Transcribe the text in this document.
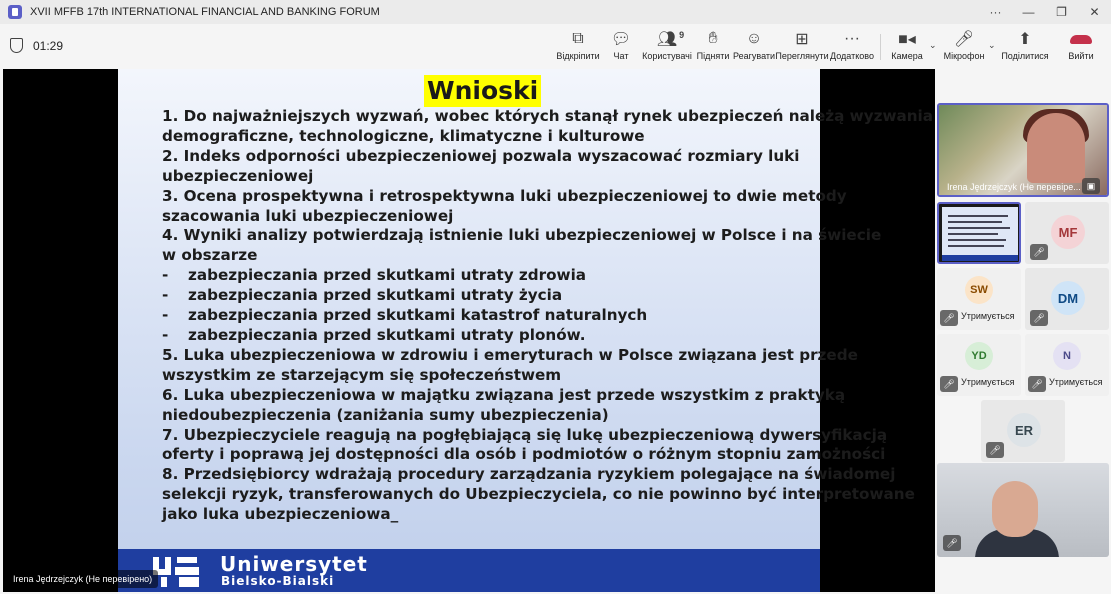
XVII MFFB 17th INTERNATIONAL FINANCIAL AND BANKING FORUM	···	—	❐	✕
01:29	⧉
Відкріпити
💬︎
Чат
👥︎ 9
Користувачі
✋︎
Підняти
☺
Реагувати
⊞
Переглянути
···
Додатково
■◂
Камера
⌄ 🎤︎
Мікрофон
⌄ ⬆
Поділитися Вийти
Wnioski
1. Do najważniejszych wyzwań, wobec których stanął rynek ubezpieczeń należą wyzwania
demograficzne, technologiczne, klimatyczne i kulturowe
2. Indeks odporności ubezpieczeniowej pozwala wyszacować rozmiary luki
ubezpieczeniowej
3. Ocena prospektywna i retrospektywna luki ubezpieczeniowej to dwie metody
szacowania luki ubezpieczeniowej
4. Wyniki analizy potwierdzają istnienie luki ubezpieczeniowej w Polsce i na świecie
w obszarze
- zabezpieczania przed skutkami utraty zdrowia
- zabezpieczania przed skutkami utraty życia
- zabezpieczania przed skutkami katastrof naturalnych
- zabezpieczania przed skutkami utraty plonów.
5. Luka ubezpieczeniowa w zdrowiu i emeryturach w Polsce związana jest przede
wszystkim ze starzejącym się społeczeństwem
6. Luka ubezpieczeniowa w majątku związana jest przede wszystkim z praktyką
niedoubezpieczenia (zaniżania sumy ubezpieczenia)
7. Ubezpieczyciele reagują na pogłębiającą się lukę ubezpieczeniową dywersyfikacją
oferty i poprawą jej dostępności dla osób i podmiotów o różnym stopniu zamożności
8. Przedsiębiorcy wdrażają procedury zarządzania ryzykiem polegające na świadomej
selekcji ryzyk, transferowanych do Ubezpieczyciela, co nie powinno być interpretowane
jako luka ubezpieczeniowa_
Uniwersytet
Bielsko-Bialski
Irena Jędrzejczyk (Не перевірено)
Irena Jędrzejczyk (Не перевіре... ▣
MF
🎤︎
SW
🎤︎ Утримується
DM
🎤︎
YD
🎤︎ Утримується
N
🎤︎ Утримується
ER
🎤︎
🎤︎
